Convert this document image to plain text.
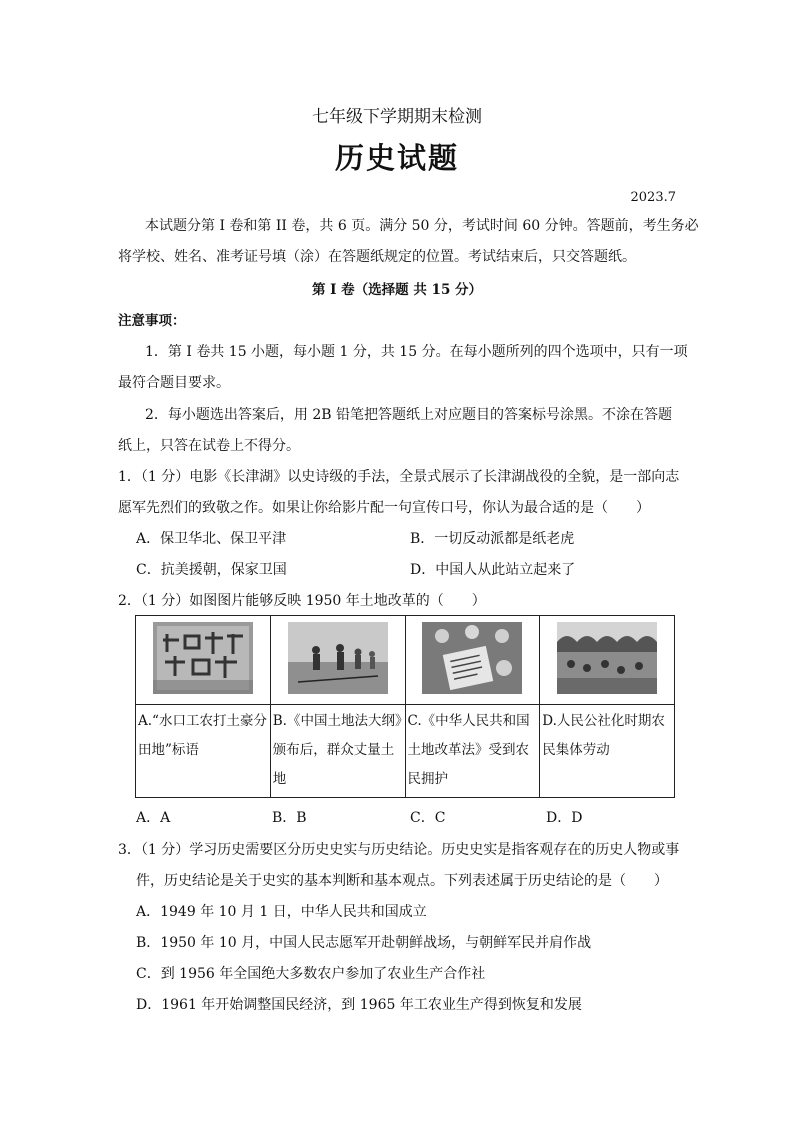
七年级下学期期末检测
历史试题
2023.7
本试题分第 I 卷和第 II 卷，共 6 页。满分 50 分，考试时间 60 分钟。答题前，考生务必
将学校、姓名、准考证号填（涂）在答题纸规定的位置。考试结束后，只交答题纸。
第 I 卷（选择题 共 15 分）
注意事项：
1．第 I 卷共 15 小题，每小题 1 分，共 15 分。在每小题所列的四个选项中，只有一项
最符合题目要求。
2．每小题选出答案后，用 2B 铅笔把答题纸上对应题目的答案标号涂黑。不涂在答题
纸上，只答在试卷上不得分。
1．（1 分）电影《长津湖》以史诗级的手法，全景式展示了长津湖战役的全貌，是一部向志
愿军先烈们的致敬之作。如果让你给影片配一句宣传口号，你认为最合适的是（　　）
A．保卫华北、保卫平津	B．一切反动派都是纸老虎
C．抗美援朝，保家卫国	D．中国人从此站立起来了
2．（1 分）如图图片能够反映 1950 年土地改革的（　　）

A.“水口工农打土豪分田地”标语	B.《中国土地法大纲》颁布后，群众丈量土地	C.《中华人民共和国土地改革法》受到农民拥护	D.人民公社化时期农民集体劳动
A．A	B．B	C．C	D．D
3．（1 分）学习历史需要区分历史史实与历史结论。历史史实是指客观存在的历史人物或事
件，历史结论是关于史实的基本判断和基本观点。下列表述属于历史结论的是（　　）
A．1949 年 10 月 1 日，中华人民共和国成立
B．1950 年 10 月，中国人民志愿军开赴朝鲜战场，与朝鲜军民并肩作战
C．到 1956 年全国绝大多数农户参加了农业生产合作社
D．1961 年开始调整国民经济，到 1965 年工农业生产得到恢复和发展
